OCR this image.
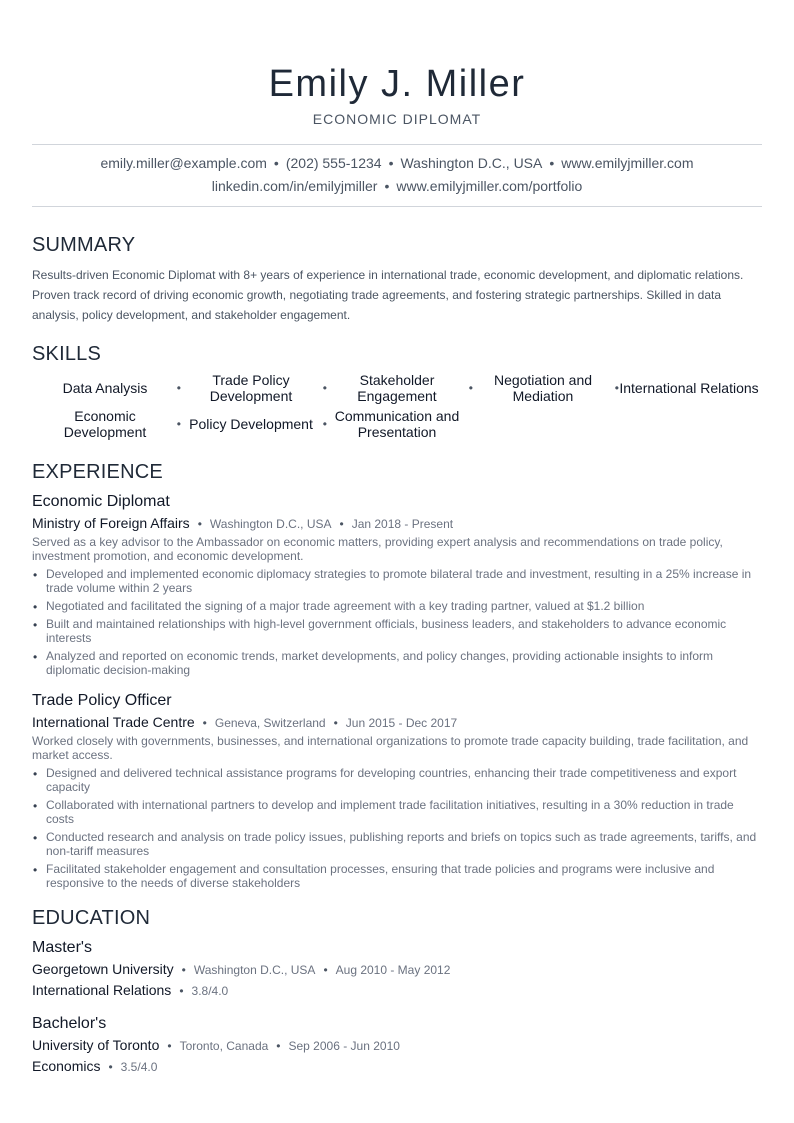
Emily J. Miller
ECONOMIC DIPLOMAT
emily.miller@example.com • (202) 555-1234 • Washington D.C., USA • www.emilyjmiller.com
linkedin.com/in/emilyjmiller • www.emilyjmiller.com/portfolio
SUMMARY

Results-driven Economic Diplomat with 8+ years of experience in international trade, economic development, and diplomatic relations. Proven track record of driving economic growth, negotiating trade agreements, and fostering strategic partnerships. Skilled in data analysis, policy development, and stakeholder engagement.

SKILLS
Data Analysis •	Trade Policy Development	•	Stakeholder Engagement	•	Negotiation and Mediation	• International Relations
Economic Development	• Policy Development • Communication and Presentation
EXPERIENCE
Economic Diplomat
Ministry of Foreign Affairs • Washington D.C., USA • Jan 2018 - Present

Served as a key advisor to the Ambassador on economic matters, providing expert analysis and recommendations on trade policy, investment promotion, and economic development.

• Developed and implemented economic diplomacy strategies to promote bilateral trade and investment, resulting in a 25% increase in trade volume within 2 years
• Negotiated and facilitated the signing of a major trade agreement with a key trading partner, valued at $1.2 billion
• Built and maintained relationships with high-level government officials, business leaders, and stakeholders to advance economic interests
• Analyzed and reported on economic trends, market developments, and policy changes, providing actionable insights to inform diplomatic decision-making
Trade Policy Officer
International Trade Centre • Geneva, Switzerland • Jun 2015 - Dec 2017

Worked closely with governments, businesses, and international organizations to promote trade capacity building, trade facilitation, and market access.

• Designed and delivered technical assistance programs for developing countries, enhancing their trade competitiveness and export capacity
• Collaborated with international partners to develop and implement trade facilitation initiatives, resulting in a 30% reduction in trade costs
• Conducted research and analysis on trade policy issues, publishing reports and briefs on topics such as trade agreements, tariffs, and non-tariff measures
• Facilitated stakeholder engagement and consultation processes, ensuring that trade policies and programs were inclusive and responsive to the needs of diverse stakeholders
EDUCATION
Master's
Georgetown University • Washington D.C., USA • Aug 2010 - May 2012
International Relations • 3.8/4.0
Bachelor's
University of Toronto • Toronto, Canada • Sep 2006 - Jun 2010
Economics • 3.5/4.0
